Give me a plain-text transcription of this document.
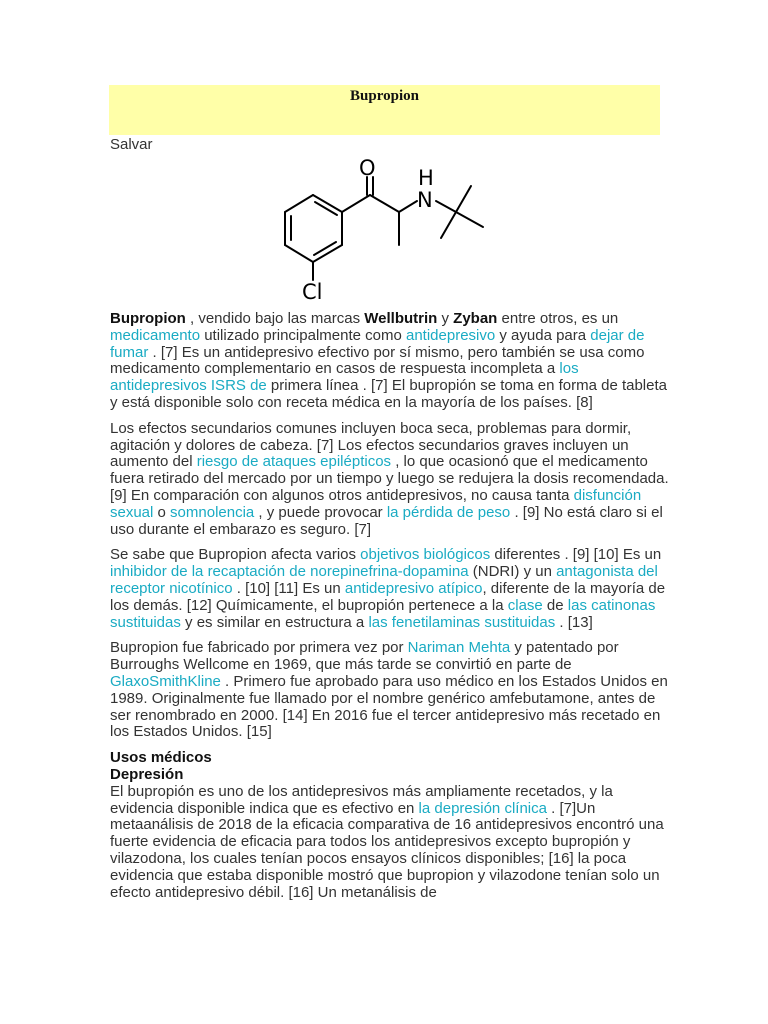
Bupropion
Salvar
O H
N
Cl

Bupropion , vendido bajo las marcas Wellbutrin y Zyban entre otros, es un medicamento utilizado principalmente como antidepresivo y ayuda para dejar de fumar . [7] Es un antidepresivo efectivo por sí mismo, pero también se usa como medicamento complementario en casos de respuesta incompleta a los antidepresivos ISRS de primera línea . [7] El bupropión se toma en forma de tableta y está disponible solo con receta médica en la mayoría de los países. [8]

Los efectos secundarios comunes incluyen boca seca, problemas para dormir, agitación y dolores de cabeza. [7] Los efectos secundarios graves incluyen un aumento del riesgo de ataques epilépticos , lo que ocasionó que el medicamento fuera retirado del mercado por un tiempo y luego se redujera la dosis recomendada. [9] En comparación con algunos otros antidepresivos, no causa tanta disfunción sexual o somnolencia , y puede provocar la pérdida de peso . [9] No está claro si el uso durante el embarazo es seguro. [7]

Se sabe que Bupropion afecta varios objetivos biológicos diferentes . [9] [10] Es un inhibidor de la recaptación de norepinefrina-dopamina (NDRI) y un antagonista del receptor nicotínico . [10] [11] Es un antidepresivo atípico, diferente de la mayoría de los demás. [12] Químicamente, el bupropión pertenece a la clase de las catinonas sustituidas y es similar en estructura a las fenetilaminas sustituidas . [13]

Bupropion fue fabricado por primera vez por Nariman Mehta y patentado por Burroughs Wellcome en 1969, que más tarde se convirtió en parte de GlaxoSmithKline . Primero fue aprobado para uso médico en los Estados Unidos en 1989. Originalmente fue llamado por el nombre genérico amfebutamone, antes de ser renombrado en 2000. [14] En 2016 fue el tercer antidepresivo más recetado en los Estados Unidos. [15]

Usos médicos
Depresión

El bupropión es uno de los antidepresivos más ampliamente recetados, y la evidencia disponible indica que es efectivo en la depresión clínica . [7]Un metaanálisis de 2018 de la eficacia comparativa de 16 antidepresivos encontró una fuerte evidencia de eficacia para todos los antidepresivos excepto bupropión y vilazodona, los cuales tenían pocos ensayos clínicos disponibles; [16] la poca evidencia que estaba disponible mostró que bupropion y vilazodone tenían solo un efecto antidepresivo débil. [16] Un metanálisis de
